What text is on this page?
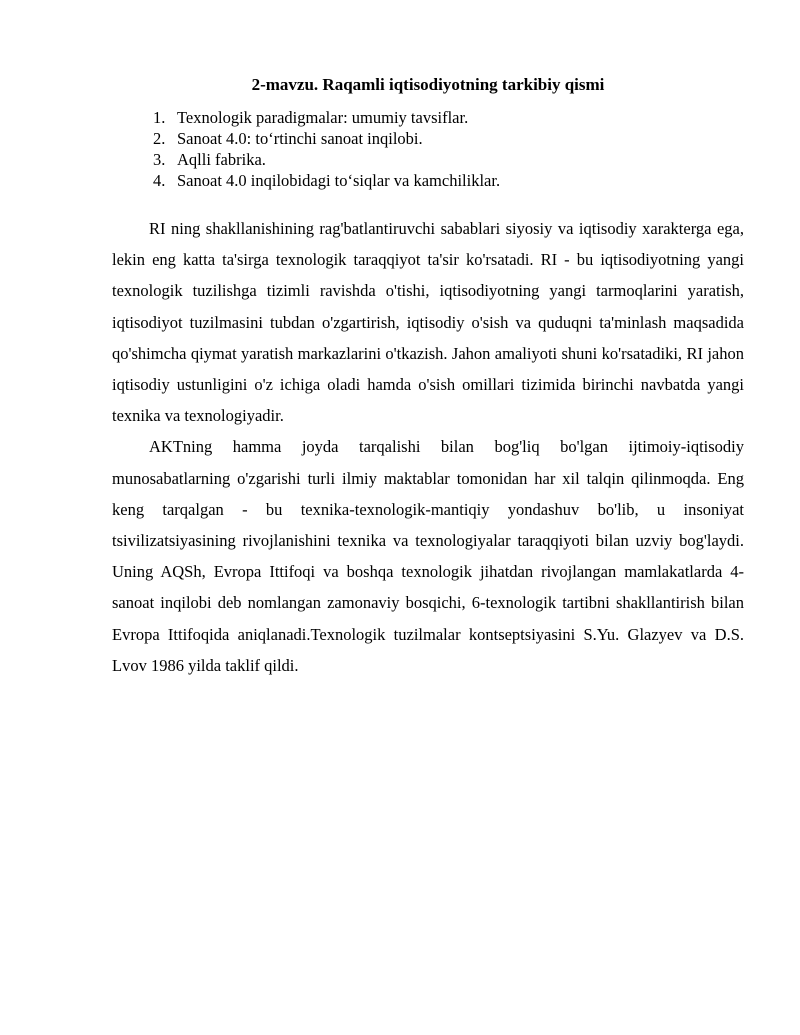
2-mavzu. Raqamli iqtisodiyotning tarkibiy qismi
1. Texnologik paradigmalar: umumiy tavsiflar.
2. Sanoat 4.0: to‘rtinchi sanoat inqilobi.
3. Aqlli fabrika.
4. Sanoat 4.0 inqilobidagi to‘siqlar va kamchiliklar.

RI ning shakllanishining rag'batlantiruvchi sabablari siyosiy va iqtisodiy xarakterga ega, lekin eng katta ta'sirga texnologik taraqqiyot ta'sir ko'rsatadi. RI - bu iqtisodiyotning yangi texnologik tuzilishga tizimli ravishda o'tishi, iqtisodiyotning yangi tarmoqlarini yaratish, iqtisodiyot tuzilmasini tubdan o'zgartirish, iqtisodiy o'sish va quduqni ta'minlash maqsadida qo'shimcha qiymat yaratish markazlarini o'tkazish. Jahon amaliyoti shuni ko'rsatadiki, RI jahon iqtisodiy ustunligini o'z ichiga oladi hamda o'sish omillari tizimida birinchi navbatda yangi texnika va texnologiyadir.

AKTning hamma joyda tarqalishi bilan bog'liq bo'lgan ijtimoiy-iqtisodiy munosabatlarning o'zgarishi turli ilmiy maktablar tomonidan har xil talqin qilinmoqda. Eng keng tarqalgan - bu texnika-texnologik-mantiqiy yondashuv bo'lib, u insoniyat tsivilizatsiyasining rivojlanishini texnika va texnologiyalar taraqqiyoti bilan uzviy bog'laydi. Uning AQSh, Evropa Ittifoqi va boshqa texnologik jihatdan rivojlangan mamlakatlarda 4-sanoat inqilobi deb nomlangan zamonaviy bosqichi, 6-texnologik tartibni shakllantirish bilan Evropa Ittifoqida aniqlanadi.Texnologik tuzilmalar kontseptsiyasini S.Yu. Glazyev va D.S. Lvov 1986 yilda taklif qildi.
